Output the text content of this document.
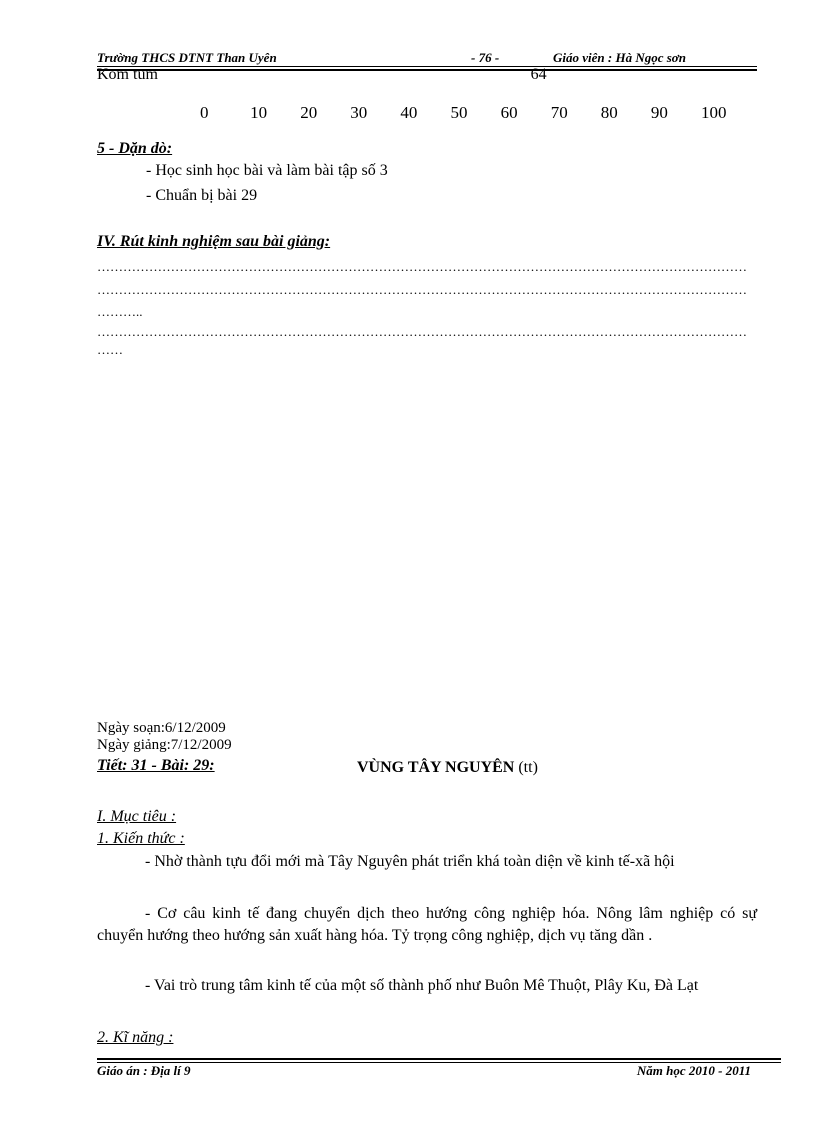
Trường THCS DTNT Than Uyên	- 76 -	Giáo viên : Hà Ngọc sơn
Kom tum	64
0 10 20 30 40 50 60 70 80 90 100
5 - Dặn dò:
- Học sinh học bài và làm bài tập số 3
- Chuẩn bị bài 29
IV. Rút kinh nghiệm sau bài giảng:
……………………………………………………………………………………………………………………………………
……………………………………………………………………………………………………………………………………
………..
……………………………………………………………………………………………………………………………………
……
Ngày soạn:6/12/2009
Ngày giảng:7/12/2009
Tiết: 31 - Bài: 29:	VÙNG TÂY NGUYÊN (tt)
I. Mục tiêu :
1. Kiến thức :
- Nhờ thành tựu đổi mới mà Tây Nguyên phát triển khá toàn diện về kinh tế-xã hội
- Cơ câu kinh tế đang chuyển dịch theo hướng công nghiệp hóa. Nông lâm nghiệp có sự chuyển hướng theo hướng sản xuất hàng hóa. Tỷ trọng công nghiệp, dịch vụ tăng dần .
- Vai trò trung tâm kinh tế của một số thành phố như Buôn Mê Thuột, Plây Ku, Đà Lạt
2. Kĩ năng :
Giáo án : Địa lí 9	Năm học 2010 - 2011
